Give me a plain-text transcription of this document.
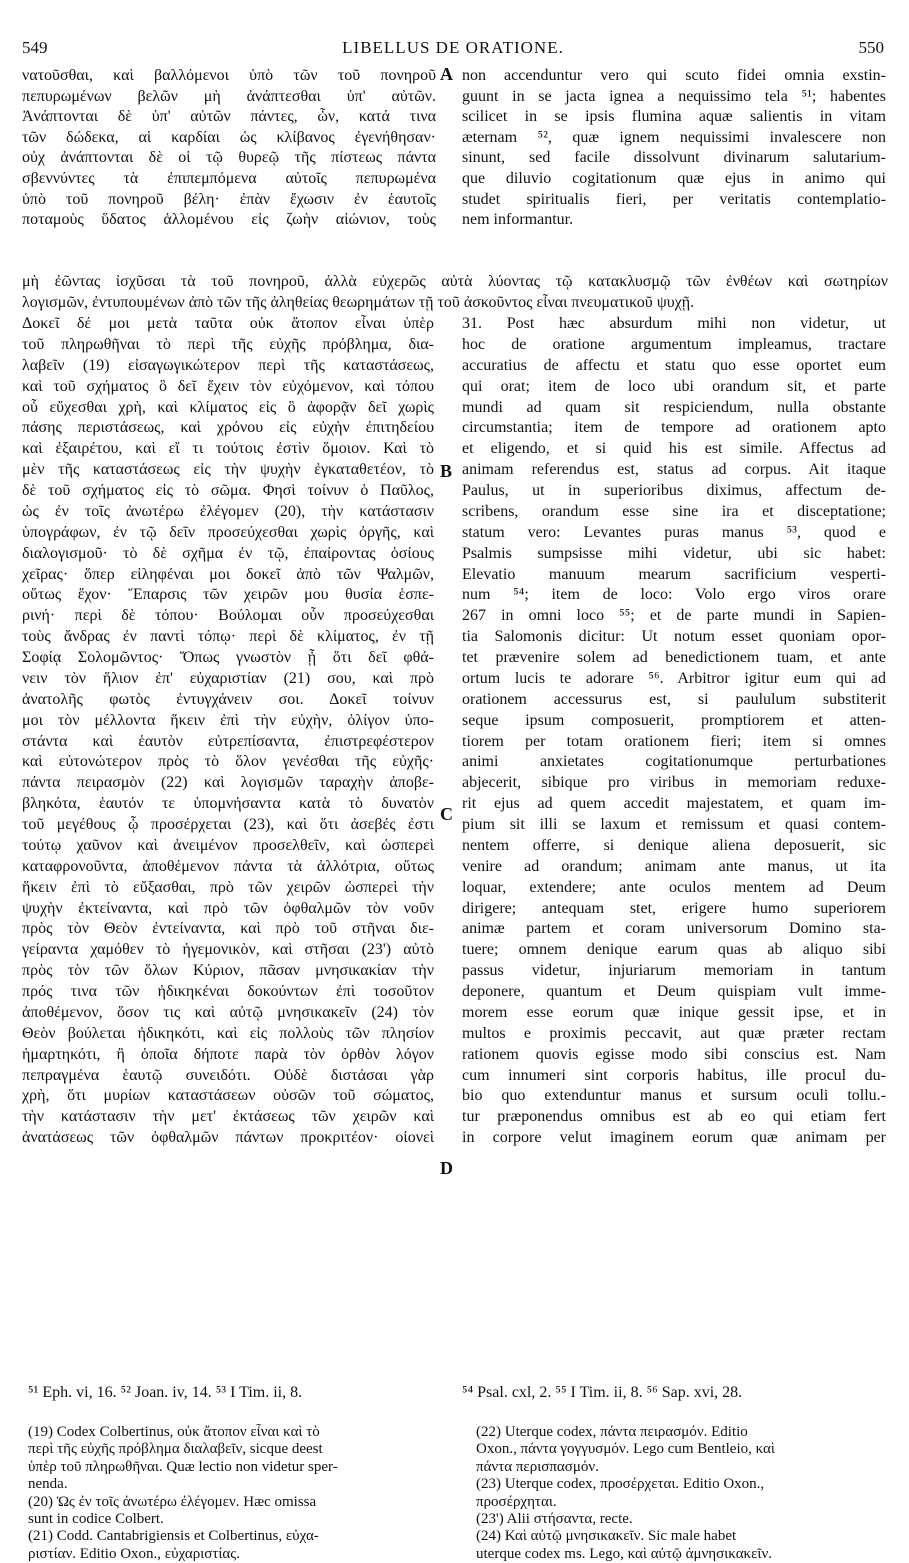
549	LIBELLUS DE ORATIONE.	550
νατοῦσθαι, καὶ βαλλόμενοι ὑπὸ τῶν τοῦ πονηροῦ
πεπυρωμένων βελῶν μὴ ἀνάπτεσθαι ὑπ' αὐτῶν.
Ἀνάπτονται δὲ ὑπ' αὐτῶν πάντες, ὧν, κατά τινα
τῶν δώδεκα, αἱ καρδίαι ὡς κλίβανος ἐγενήθησαν·
οὐχ ἀνάπτονται δὲ οἱ τῷ θυρεῷ τῆς πίστεως πάντα
σβεννύντες τὰ ἐπιπεμπόμενα αὐτοῖς πεπυρωμένα
ὑπὸ τοῦ πονηροῦ βέλη· ἐπὰν ἔχωσιν ἐν ἑαυτοῖς
ποταμοὺς ὕδατος ἁλλομένου εἰς ζωὴν αἰώνιον, τοὺς
A non accenduntur vero qui scuto fidei omnia exstin-
guunt in se jacta ignea a nequissimo tela ⁵¹; habentes
scilicet in se ipsis flumina aquæ salientis in vitam
æternam ⁵², quæ ignem nequissimi invalescere non
sinunt, sed facile dissolvunt divinarum salutarium-
que diluvio cogitationum quæ ejus in animo qui
studet spiritualis fieri, per veritatis contemplatio-
nem informantur.
μὴ ἐῶντας ἰσχῦσαι τὰ τοῦ πονηροῦ, ἀλλὰ εὐχερῶς αὐτὰ λύοντας τῷ κατακλυσμῷ τῶν ἐνθέων καὶ σωτηρίων
λογισμῶν, ἐντυπουμένων ἀπὸ τῶν τῆς ἀληθείας θεωρημάτων τῇ τοῦ ἀσκοῦντος εἶναι πνευματικοῦ ψυχῇ.
Δοκεῖ δέ μοι μετὰ ταῦτα οὐκ ἄτοπον εἶναι ὑπὲρ
τοῦ πληρωθῆναι τὸ περὶ τῆς εὐχῆς πρόβλημα, δια-
λαβεῖν (19) εἰσαγωγικώτερον περὶ τῆς καταστάσεως,
καὶ τοῦ σχήματος ὃ δεῖ ἔχειν τὸν εὐχόμενον, καὶ τόπου
οὗ εὔχεσθαι χρὴ, καὶ κλίματος εἰς ὃ ἀφορᾷν δεῖ χωρὶς
πάσης περιστάσεως, καὶ χρόνου εἰς εὐχὴν ἐπιτηδείου
καὶ ἐξαιρέτου, καὶ εἴ τι τούτοις ἐστὶν ὅμοιον. Καὶ τὸ
μὲν τῆς καταστάσεως εἰς τὴν ψυχὴν ἐγκαταθετέον, τὸ
δὲ τοῦ σχήματος εἰς τὸ σῶμα. Φησὶ τοίνυν ὁ Παῦλος,
ὡς ἐν τοῖς ἀνωτέρω ἐλέγομεν (20), τὴν κατάστασιν
ὑπογράφων, ἐν τῷ δεῖν προσεύχεσθαι χωρὶς ὀργῆς, καὶ
διαλογισμοῦ· τὸ δὲ σχῆμα ἐν τῷ, ἐπαίροντας ὁσίους
χεῖρας· ὅπερ εἰληφέναι μοι δοκεῖ ἀπὸ τῶν Ψαλμῶν,
οὕτως ἔχον· Ἔπαρσις τῶν χειρῶν μου θυσία ἑσπε-
ρινή· περὶ δὲ τόπου· Βούλομαι οὖν προσεύχεσθαι
τοὺς ἄνδρας ἐν παντὶ τόπῳ· περὶ δὲ κλίματος, ἐν τῇ
Σοφίᾳ Σολομῶντος· Ὅπως γνωστὸν ᾖ ὅτι δεῖ φθά-
νειν τὸν ἥλιον ἐπ' εὐχαριστίαν (21) σου, καὶ πρὸ
ἀνατολῆς φωτὸς ἐντυγχάνειν σοι. Δοκεῖ τοίνυν
μοι τὸν μέλλοντα ἥκειν ἐπὶ τὴν εὐχὴν, ὀλίγον ὑπο-
στάντα καὶ ἑαυτὸν εὐτρεπίσαντα, ἐπιστρεφέστερον
καὶ εὐτονώτερον πρὸς τὸ ὅλον γενέσθαι τῆς εὐχῆς·
πάντα πειρασμὸν (22) καὶ λογισμῶν ταραχὴν ἀποβε-
βληκότα, ἑαυτόν τε ὑπομνήσαντα κατὰ τὸ δυνατὸν
τοῦ μεγέθους ᾧ προσέρχεται (23), καὶ ὅτι ἀσεβές ἐστι
τούτῳ χαῦνον καὶ ἀνειμένον προσελθεῖν, καὶ ὡσπερεὶ
καταφρονοῦντα, ἀποθέμενον πάντα τὰ ἀλλότρια, οὕτως
ἥκειν ἐπὶ τὸ εὔξασθαι, πρὸ τῶν χειρῶν ὡσπερεὶ τὴν
ψυχὴν ἐκτείναντα, καὶ πρὸ τῶν ὀφθαλμῶν τὸν νοῦν
πρὸς τὸν Θεὸν ἐντείναντα, καὶ πρὸ τοῦ στῆναι διε-
γείραντα χαμόθεν τὸ ἡγεμονικὸν, καὶ στῆσαι (23') αὐτὸ
πρὸς τὸν τῶν ὅλων Κύριον, πᾶσαν μνησικακίαν τὴν
πρός τινα τῶν ἠδικηκέναι δοκούντων ἐπὶ τοσοῦτον
ἀποθέμενον, ὅσον τις καὶ αὐτῷ μνησικακεῖν (24) τὸν
Θεὸν βούλεται ἠδικηκότι, καὶ εἰς πολλοὺς τῶν πλησίον
ἡμαρτηκότι, ἢ ὁποῖα δήποτε παρὰ τὸν ὀρθὸν λόγον
πεπραγμένα ἑαυτῷ συνειδότι. Οὐδὲ διστάσαι γὰρ
χρὴ, ὅτι μυρίων καταστάσεων οὐσῶν τοῦ σώματος,
τὴν κατάστασιν τὴν μετ' ἐκτάσεως τῶν χειρῶν καὶ
ἀνατάσεως τῶν ὀφθαλμῶν πάντων προκριτέον· οἱονεὶ
B
C
D
31. Post hæc absurdum mihi non videtur, ut
hoc de oratione argumentum impleamus, tractare
accuratius de affectu et statu quo esse oportet eum
qui orat; item de loco ubi orandum sit, et parte
mundi ad quam sit respiciendum, nulla obstante
circumstantia; item de tempore ad orationem apto
et eligendo, et si quid his est simile. Affectus ad
animam referendus est, status ad corpus. Ait itaque
Paulus, ut in superioribus diximus, affectum de-
scribens, orandum esse sine ira et disceptatione;
statum vero: Levantes puras manus ⁵³, quod e
Psalmis sumpsisse mihi videtur, ubi sic habet:
Elevatio manuum mearum sacrificium vesperti-
num ⁵⁴; item de loco: Volo ergo viros orare
267 in omni loco ⁵⁵; et de parte mundi in Sapien-
tia Salomonis dicitur: Ut notum esset quoniam opor-
tet prævenire solem ad benedictionem tuam, et ante
ortum lucis te adorare ⁵⁶. Arbitror igitur eum qui ad
orationem accessurus est, si paululum substiterit
seque ipsum composuerit, promptiorem et atten-
tiorem per totam orationem fieri; item si omnes
animi anxietates cogitationumque perturbationes
abjecerit, sibique pro viribus in memoriam reduxe-
rit ejus ad quem accedit majestatem, et quam im-
pium sit illi se laxum et remissum et quasi contem-
nentem offerre, si denique aliena deposuerit, sic
venire ad orandum; animam ante manus, ut ita
loquar, extendere; ante oculos mentem ad Deum
dirigere; antequam stet, erigere humo superiorem
animæ partem et coram universorum Domino sta-
tuere; omnem denique earum quas ab aliquo sibi
passus videtur, injuriarum memoriam in tantum
deponere, quantum et Deum quispiam vult imme-
morem esse eorum quæ inique gessit ipse, et in
multos e proximis peccavit, aut quæ præter rectam
rationem quovis egisse modo sibi conscius est. Nam
cum innumeri sint corporis habitus, ille procul du-
bio quo extenduntur manus et sursum oculi tollu.-
tur præponendus omnibus est ab eo qui etiam fert
in corpore velut imaginem eorum quæ animam per
⁵¹ Eph. vi, 16. ⁵² Joan. iv, 14. ⁵³ I Tim. ii, 8.	⁵⁴ Psal. cxl, 2. ⁵⁵ I Tim. ii, 8. ⁵⁶ Sap. xvi, 28.
(19) Codex Colbertinus, οὐκ ἄτοπον εἶναι καὶ τὸ
περὶ τῆς εὐχῆς πρόβλημα διαλαβεῖν, sicque deest
ὑπὲρ τοῦ πληρωθῆναι. Quæ lectio non videtur sper-
nenda.
(20) Ὡς ἐν τοῖς ἀνωτέρω ἐλέγομεν. Hæc omissa
sunt in codice Colbert.
(21) Codd. Cantabrigiensis et Colbertinus, εὐχα-
ριστίαν. Editio Oxon., εὐχαριστίας.
(22) Uterque codex, πάντα πειρασμόν. Editio
Oxon., πάντα γογγυσμόν. Lego cum Bentleio, καὶ
πάντα περισπασμόν.
(23) Uterque codex, προσέρχεται. Editio Oxon.,
προσέρχηται.
(23') Alii στήσαντα, recte.
(24) Καὶ αὐτῷ μνησικακεῖν. Sic male habet
uterque codex ms. Lego, καὶ αὐτῷ ἀμνησικακεῖν.
